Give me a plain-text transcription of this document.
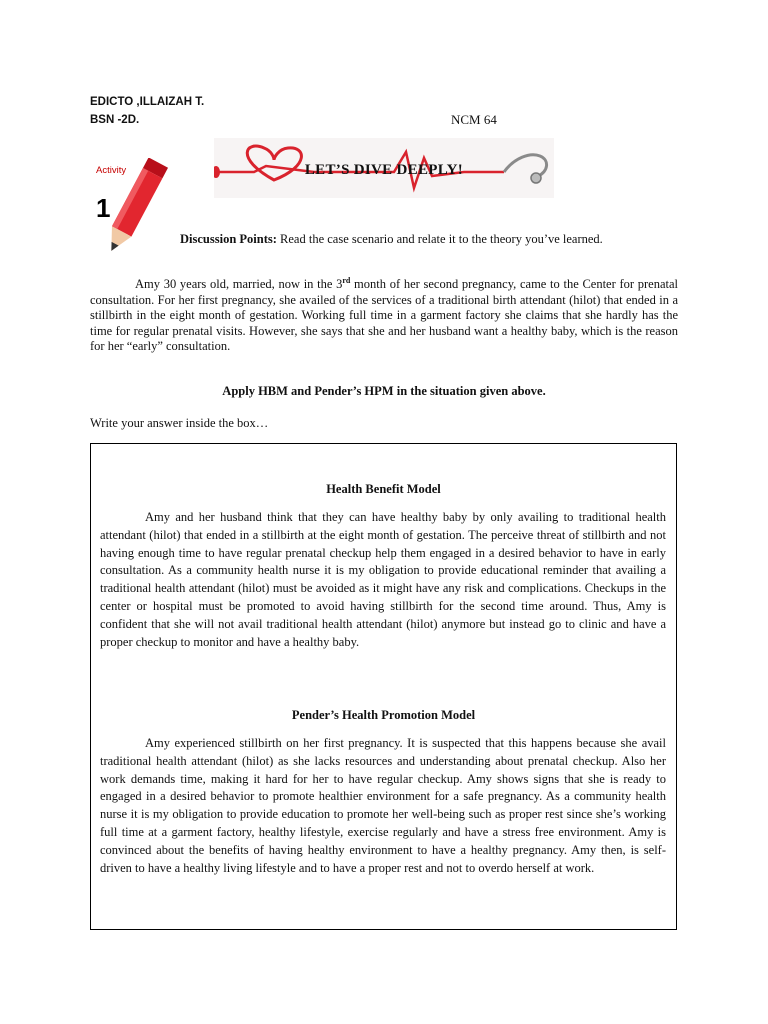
EDICTO ,ILLAIZAH T.
BSN -2D.	NCM 64
LET’S DIVE DEEPLY!
Activity
1
Discussion Points: Read the case scenario and relate it to the theory you’ve learned.
Amy 30 years old, married, now in the 3rd month of her second pregnancy, came to the Center for prenatal consultation. For her first pregnancy, she availed of the services of a traditional birth attendant (hilot) that ended in a stillbirth in the eight month of gestation. Working full time in a garment factory she claims that she hardly has the time for regular prenatal visits. However, she says that she and her husband want a healthy baby, which is the reason for her “early” consultation.
Apply HBM and Pender’s HPM in the situation given above.
Write your answer inside the box…
Health Benefit Model
Amy and her husband think that they can have healthy baby by only availing to traditional health attendant (hilot) that ended in a stillbirth at the eight month of gestation. The perceive threat of stillbirth and not having enough time to have regular prenatal checkup help them engaged in a desired behavior to have in early consultation. As a community health nurse it is my obligation to provide educational reminder that availing a traditional health attendant (hilot) must be avoided as it might have any risk and complications. Checkups in the center or hospital must be promoted to avoid having stillbirth for the second time around. Thus, Amy is confident that she will not avail traditional health attendant (hilot) anymore but instead go to clinic and have a proper checkup to monitor and have a healthy baby.
Pender’s Health Promotion Model
Amy experienced stillbirth on her first pregnancy. It is suspected that this happens because she avail traditional health attendant (hilot) as she lacks resources and understanding about prenatal checkup. Also her work demands time, making it hard for her to have regular checkup. Amy shows signs that she is ready to engaged in a desired behavior to promote healthier environment for a safe pregnancy. As a community health nurse it is my obligation to provide education to promote her well-being such as proper rest since she’s working full time at a garment factory, healthy lifestyle, exercise regularly and have a stress free environment. Amy is convinced about the benefits of having healthy environment to have a healthy pregnancy. Amy then, is self-driven to have a healthy living lifestyle and to have a proper rest and not to overdo herself at work.
